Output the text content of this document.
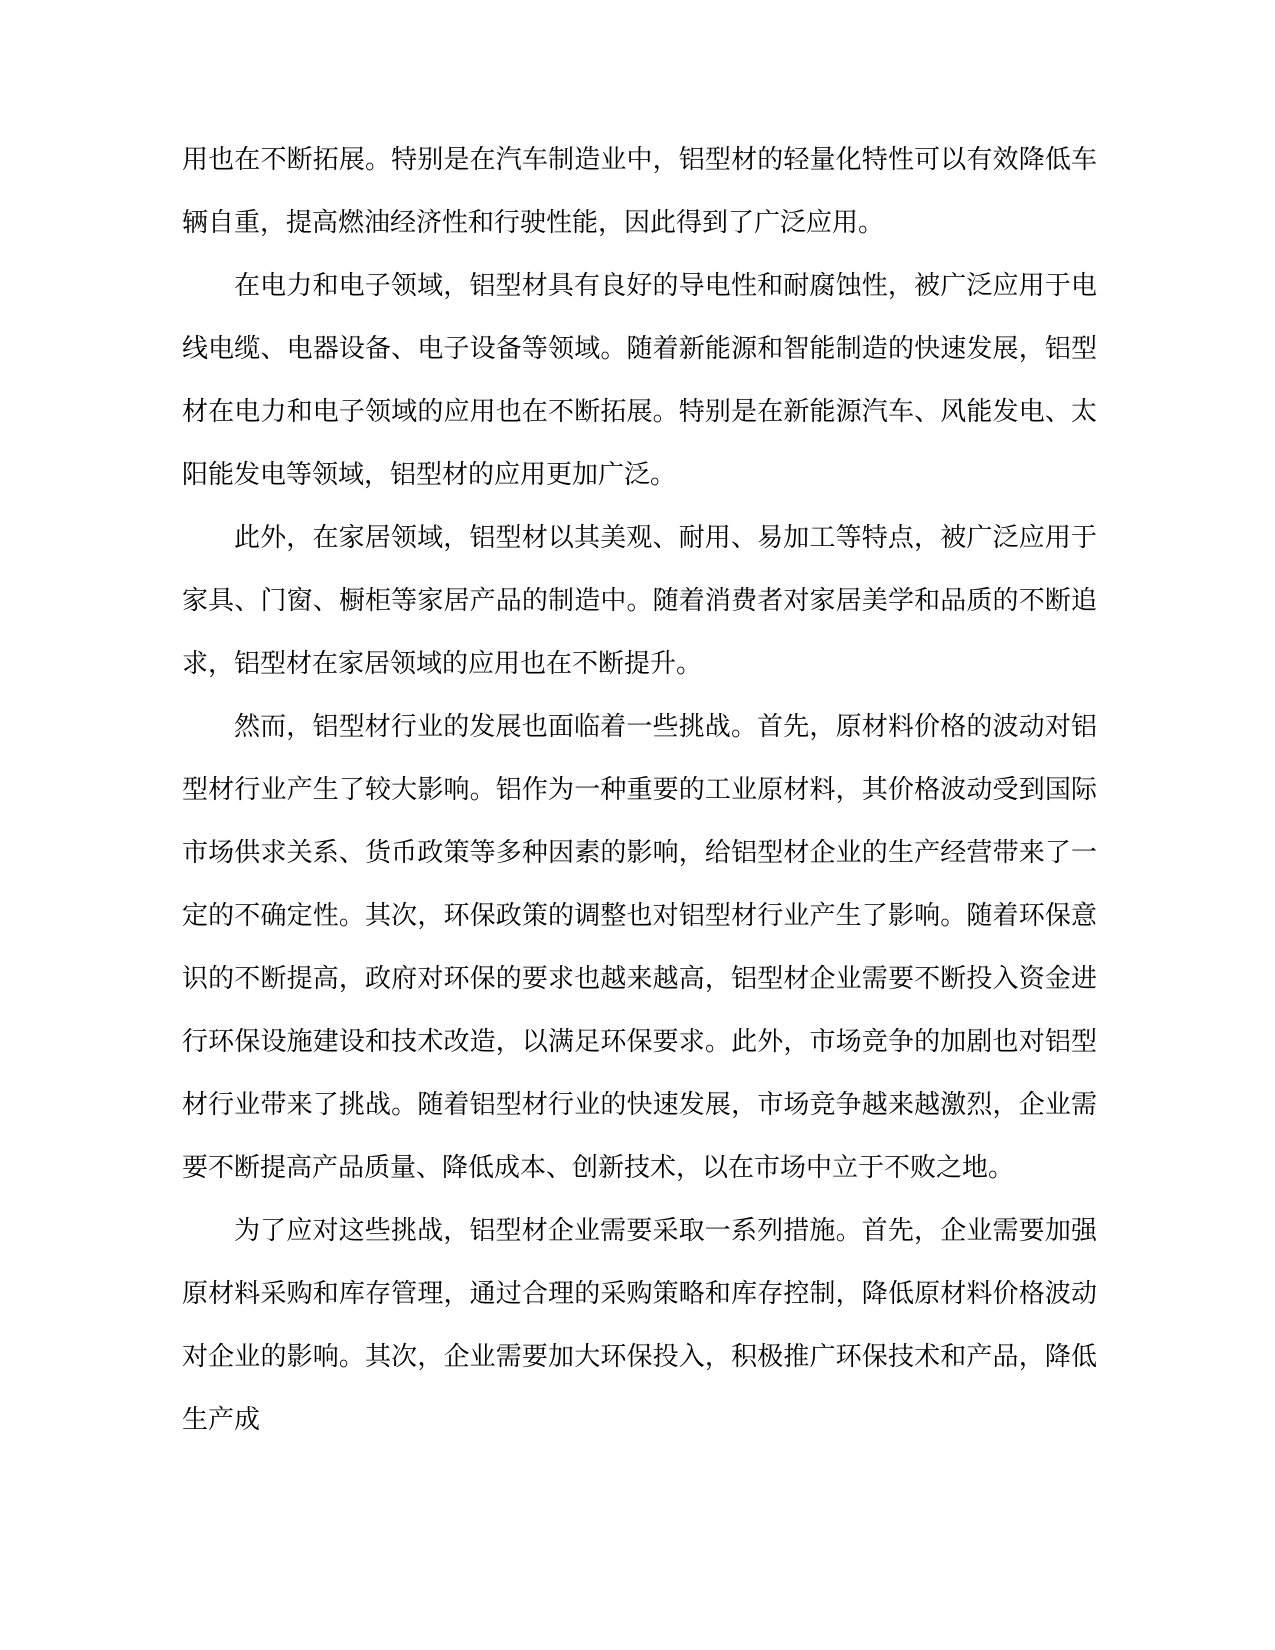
用也在不断拓展。特别是在汽车制造业中，铝型材的轻量化特性可以有效降低车辆自重，提高燃油经济性和行驶性能，因此得到了广泛应用。

在电力和电子领域，铝型材具有良好的导电性和耐腐蚀性，被广泛应用于电线电缆、电器设备、电子设备等领域。随着新能源和智能制造的快速发展，铝型材在电力和电子领域的应用也在不断拓展。特别是在新能源汽车、风能发电、太阳能发电等领域，铝型材的应用更加广泛。

此外，在家居领域，铝型材以其美观、耐用、易加工等特点，被广泛应用于家具、门窗、橱柜等家居产品的制造中。随着消费者对家居美学和品质的不断追求，铝型材在家居领域的应用也在不断提升。

然而，铝型材行业的发展也面临着一些挑战。首先，原材料价格的波动对铝型材行业产生了较大影响。铝作为一种重要的工业原材料，其价格波动受到国际市场供求关系、货币政策等多种因素的影响，给铝型材企业的生产经营带来了一定的不确定性。其次，环保政策的调整也对铝型材行业产生了影响。随着环保意识的不断提高，政府对环保的要求也越来越高，铝型材企业需要不断投入资金进行环保设施建设和技术改造，以满足环保要求。此外，市场竞争的加剧也对铝型材行业带来了挑战。随着铝型材行业的快速发展，市场竞争越来越激烈，企业需要不断提高产品质量、降低成本、创新技术，以在市场中立于不败之地。

为了应对这些挑战，铝型材企业需要采取一系列措施。首先，企业需要加强原材料采购和库存管理，通过合理的采购策略和库存控制，降低原材料价格波动对企业的影响。其次，企业需要加大环保投入，积极推广环保技术和产品，降低生产成
